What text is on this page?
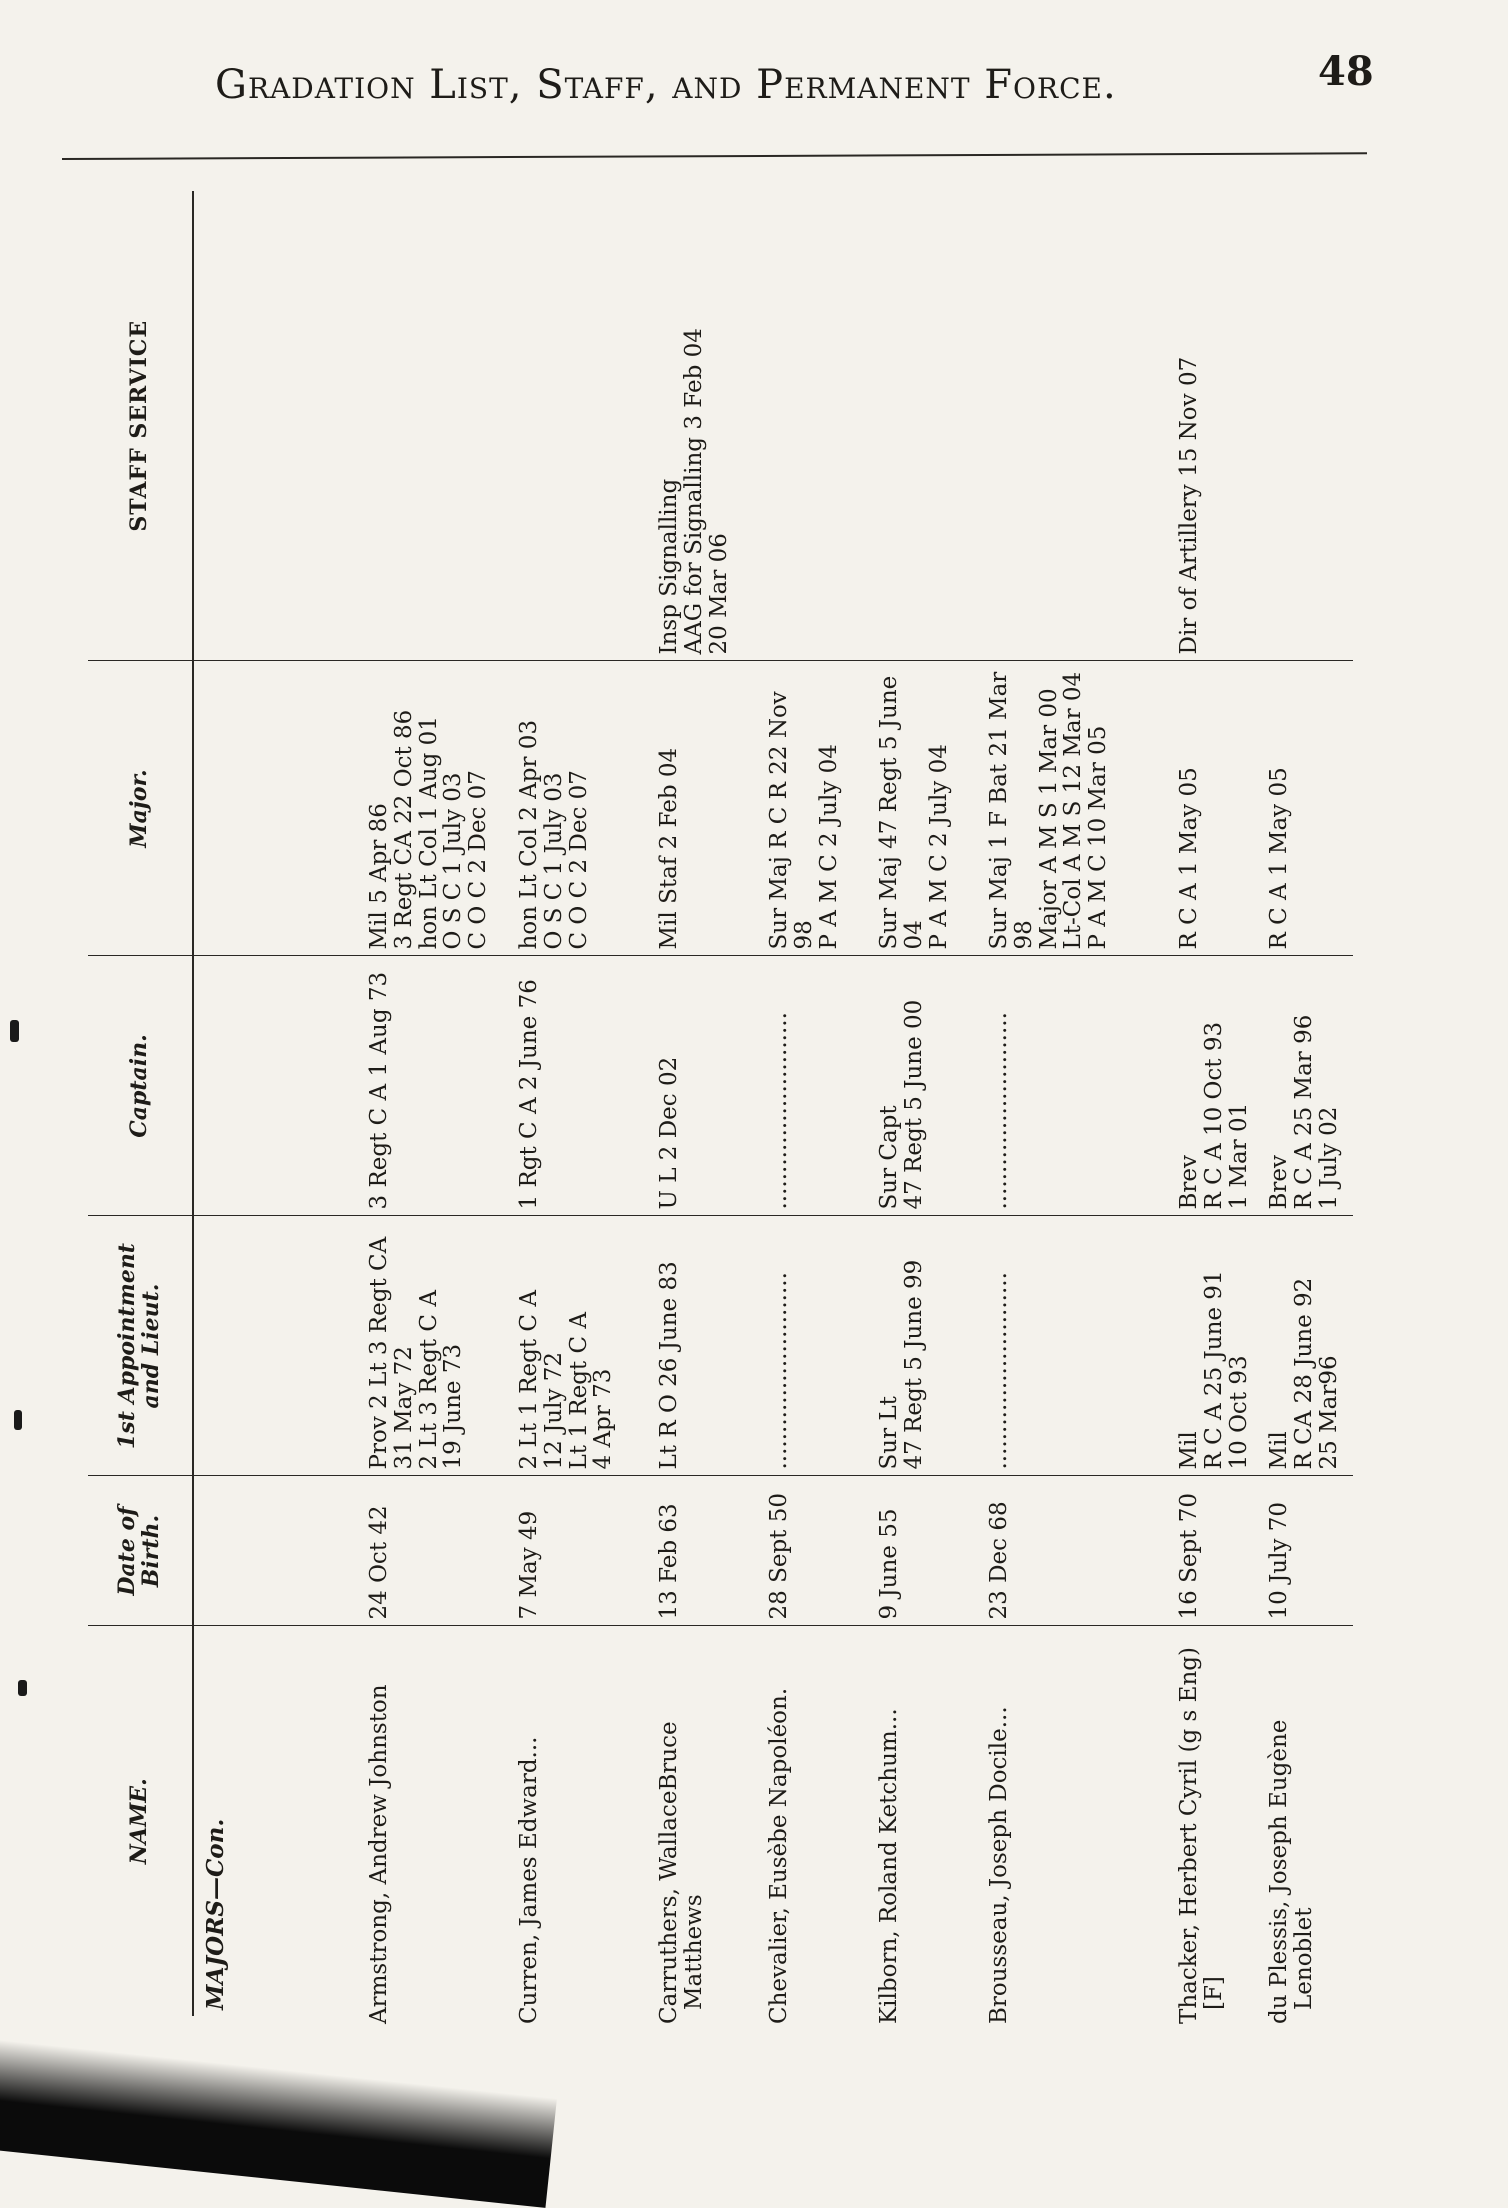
Gradation List, Staff, and Permanent Force.	48
NAME.	Date of Birth.	1st Appointment and Lieut.	Captain.	Major.	STAFF SERVICE
MAJORS—Con.					
Armstrong, Andrew Johnston	24 Oct 42	Prov 2 Lt 3 Regt CA
31 May 72
2 Lt 3 Regt C A
19 June 73	3 Regt C A 1 Aug 73	Mil 5 Apr 86
3 Regt CA 22 Oct 86
hon Lt Col 1 Aug 01
O S C 1 July 03
C O C 2 Dec 07	
Curren, James Edward...	7 May 49	2 Lt 1 Regt C A
12 July 72
Lt 1 Regt C A
4 Apr 73	1 Rgt C A 2 June 76	hon Lt Col 2 Apr 03
O S C 1 July 03
C O C 2 Dec 07	
Carruthers, WallaceBruce Matthews	13 Feb 63	Lt R O 26 June 83	U L 2 Dec 02	Mil Staf 2 Feb 04	Insp Signalling
AAG for Signalling 3 Feb 04
20 Mar 06
Chevalier, Eusèbe Napoléon.	28 Sept 50	...........................	...........................	Sur Maj R C R 22 Nov 98
P A M C 2 July 04	
Kilborn, Roland Ketchum...	9 June 55	Sur Lt
47 Regt 5 June 99	Sur Capt
47 Regt 5 June 00	Sur Maj 47 Regt 5 June 04
P A M C 2 July 04	
Brousseau, Joseph Docile...	23 Dec 68	...........................	...........................	Sur Maj 1 F Bat 21 Mar 98
Major A M S 1 Mar 00
Lt-Col A M S 12 Mar 04
P A M C 10 Mar 05	
Thacker, Herbert Cyril (g s Eng) [F]	16 Sept 70	Mil
R C A 25 June 91
10 Oct 93	Brev
R C A 10 Oct 93
1 Mar 01	R C A 1 May 05	Dir of Artillery 15 Nov 07
du Plessis, Joseph Eugène Lenoblet	10 July 70	Mil
R CA 28 June 92
25 Mar96	Brev
R C A 25 Mar 96
1 July 02	R C A 1 May 05	
